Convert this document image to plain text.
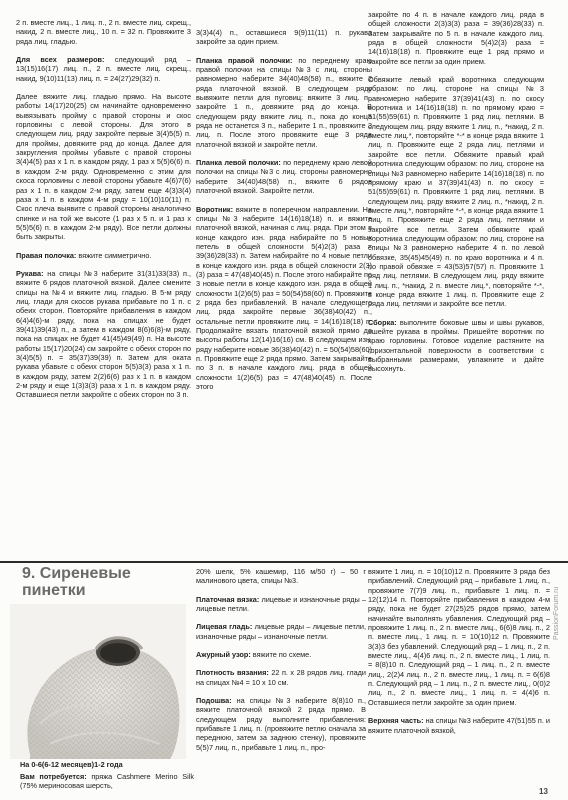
2 п. вместе лиц., 1 лиц. п., 2 п. вместе лиц. скрещ., накид, 2 п. вместе лиц., 10 п. = 32 п. Провяжите 3 ряда лиц. гладью.

Для всех размеров: следующий ряд – 13(15)16(17) лиц. п., 2 п. вместе лиц. скрещ., накид, 9(10)11(13) лиц. п. = 24(27)29(32) п.

Далее вяжите лиц. гладью прямо. На высоте работы 14(17)20(25) см начинайте одновременно вывязывать пройму с правой стороны и скос горловины с левой стороны. Для этого в следующем лиц. ряду закройте первые 3(4)5(5) п. для проймы, довяжите ряд до конца. Далее для закругления проймы убавьте с правой стороны 3(4)4(5) раз x 1 п. в каждом ряду, 1 раз x 5(5)6(6) п. в каждом 2-м ряду. Одновременно с этим для скоса горловины с левой стороны убавьте 4(6)7(6) раз x 1 п. в каждом 2-м ряду, затем еще 4(3)3(4) раза x 1 п. в каждом 4-м ряду = 10(10)10(11) п. Скос плеча выявите с правой стороны аналогично спинке и на той же высоте (1 раз x 5 п. и 1 раз x 5(5)5(6) п. в каждом 2-м ряду). Все петли должны быть закрыты.

Правая полочка: вяжите симметрично.

Рукава: на спицы №3 наберите 31(31)33(33) п., вяжите 6 рядов платочной вязкой. Далее смените спицы на №4 и вяжите лиц. гладью. В 5-м ряду лиц. глади для скосов рукава прибавьте по 1 п. с обеих сторон. Повторяйте прибавления в каждом 6(4)4(6)-м ряду, пока на спицах не будет 39(41)39(43) п., а затем в каждом 8(6)6(8)-м ряду, пока на спицах не будет 41(45)49(49) п. На высоте работы 15(17)20(24) см закройте с обеих сторон по 3(4)5(5) п. = 35(37)39(39) п. Затем для оката рукава убавьте с обеих сторон 5(5)3(3) раза x 1 п. в каждом ряду, затем 2(2)6(6) раз x 1 п. в каждом 2-м ряду и еще 1(3)3(3) раза x 1 п. в каждом ряду. Оставшиеся петли закройте с обеих сторон по 3 п.

3(3)4(4) п., оставшиеся 9(9)11(11) п. рукава закройте за один прием.

Планка правой полочки: по переднему краю правой полочки на спицы №3 с лиц. стороны равномерно наберите 34(40)48(58) п., вяжите 2 ряда платочной вязкой. В следующем ряду вывяжите петли для пуговиц: вяжите 3 лиц. п., закройте 1 п., довяжите ряд до конца. В следующем ряду вяжите лиц. п., пока до конца ряда не останется 3 п., наберите 1 п., провяжите 3 лиц. п. После этого провяжите еще 3 ряда платочной вязкой и закройте петли.

Планка левой полочки: по переднему краю левой полочки на спицы №3 с лиц. стороны равномерно наберите 34(40)48(58) п., вяжите 6 рядов платочной вязкой. Закройте петли.

Воротник: вяжите в поперечном направлении. На спицы №3 наберите 14(16)18(18) п. и вяжите платочной вязкой, начиная с лиц. ряда. При этом в конце каждого изн. ряда набирайте по 5 новых петель в общей сложности 5(4)2(3) раза = 39(36)28(33) п. Затем набирайте по 4 новые петли в конце каждого изн. ряда в общей сложности 2(3)(3) раза = 47(48)40(45) п. После этого набирайте по 3 новые петли в конце каждого изн. ряда в общей сложности 1(2)6(5) раз = 50(54)58(60) п. Провяжите 2 ряда без прибавлений. В начале следующего лиц. ряда закройте первые 36(38)40(42) п., остальные петли провяжите лиц. = 14(16)18(18) п. Продолжайте вязать платочной вязкой прямо до высоты работы 12(14)16(16) см. В следующем изн. ряду наберите новые 36(38)40(42) п. = 50(54)58(60) п. Провяжите еще 2 ряда прямо. Затем закрывайте по 3 п. в начале каждого лиц. ряда в общей сложности 1(2)6(5) раз = 47(48)40(45) п. После этого

закройте по 4 п. в начале каждого лиц. ряда в общей сложности 2(3)3(3) раза = 39(36)28(33) п. Затем закрывайте по 5 п. в начале каждого лиц. ряда в общей сложности 5(4)2(3) раза = 14(16)18(18) п. Провяжите еще 1 ряд прямо и закройте все петли за один прием.

Обвяжите левый край воротника следующим образом: по лиц. стороне на спицы №3 равномерно наберите 37(39)41(43) п. по скосу воротника и 14(16)18(18) п. по прямому краю = 51(55)59(61) п. Провяжите 1 ряд лиц. петлями. В следующем лиц. ряду вяжите 1 лиц. п., *накид, 2 п. вместе лиц.*, повторяйте *-* в конце ряда вяжите 1 лиц. п. Провяжите еще 2 ряда лиц. петлями и закройте все петли. Обвяжите правый край воротника следующим образом: по лиц. стороне на спицы №3 равномерно наберите 14(16)18(18) п. по прямому краю и 37(39)41(43) п. по скосу = 51(55)59(61) п. Провяжите 1 ряд лиц. петлями. В следующем лиц. ряду вяжите 2 лиц. п., *накид, 2 п. вместе лиц.*, повторяйте *-*, в конце ряда вяжите 1 лиц. п. Провяжите еще 2 ряда лиц. петлями и закройте все петли. Затем обвяжите край воротника следующим образом: по лиц. стороне на спицы №3 равномерно наберите 4 п. по левой обвязке, 35(45)45(49) п. по краю воротника и 4 п. по правой обвязке = 43(53)57(57) п. Провяжите 1 ряд лиц. петлями. В следующем лиц. ряду вяжите 1 лиц. п., *накид, 2 п. вместе лиц.*, повторяйте *-*, в конце ряда вяжите 1 лиц. п. Провяжите еще 2 ряда лиц. петлями и закройте все петли.

Сборка: выполните боковые швы и швы рукавов, вшейте рукава в проймы. Пришейте воротник по краю горловины. Готовое изделие растяните на горизонтальной поверхности в соответствии с выбранными размерами, увлажните и дайте высохнуть.

9. Сиреневые
пинетки
На 0-6(6-12 месяцев)1-2 года
Вам потребуется: пряжа Cashmere Merino Silk (75% мериносовая шерсть,

20% шелк, 5% кашемир, 116 м/50 г) – 50 г малинового цвета, спицы №3.

Платочная вязка: лицевые и изнаночные ряды – лицевые петли.

Лицевая гладь: лицевые ряды – лицевые петли, изнаночные ряды – изнаночные петли.

Ажурный узор: вяжите по схеме.

Плотность вязания: 22 п. x 28 рядов лиц. глади на спицах №4 = 10 x 10 см.

Подошва: на спицы №3 наберите 8(8)10 п., вяжите платочной вязкой 2 ряда прямо. В следующем ряду выполните прибавления: прибавьте 1 лиц. п. (провяжите петлю сначала за переднюю, затем за заднюю стенку), провяжите 5(5)7 лиц. п., прибавьте 1 лиц. п., про-

вяжите 1 лиц. п. = 10(10)12 п. Провяжите 3 ряда без прибавлений. Следующий ряд – прибавьте 1 лиц. п., провяжите 7(7)9 лиц. п., прибавьте 1 лиц. п. = 12(12)14 п. Повторяйте прибавления в каждом 4-м ряду, пока не будет 27(25)25 рядов прямо, затем начинайте выполнять убавления. Следующий ряд – провяжите 1 лиц. п., 2 п. вместе лиц., 6(6)8 лиц. п., 2 п. вместе лиц., 1 лиц. п. = 10(10)12 п. Провяжите 3(3)3 без убавлений. Следующий ряд – 1 лиц. п., 2 п. вместе лиц., 4(4)6 лиц. п., 2 п. вместе лиц., 1 лиц. п. = 8(8)10 п. Следующий ряд – 1 лиц. п., 2 п. вместе лиц., 2(2)4 лиц. п., 2 п. вместе лиц., 1 лиц. п. = 6(6)8 п. Следующий ряд – 1 лиц. п., 2 п. вместе лиц., 0(0)2 лиц. п., 2 п. вместе лиц., 1 лиц. п. = 4(4)6 п. Оставшиеся петли закройте за один прием.

Верхняя часть: на спицы №3 наберите 47(51)55 п. и вяжите платочной вязкой,

PassionForum.ru
13
